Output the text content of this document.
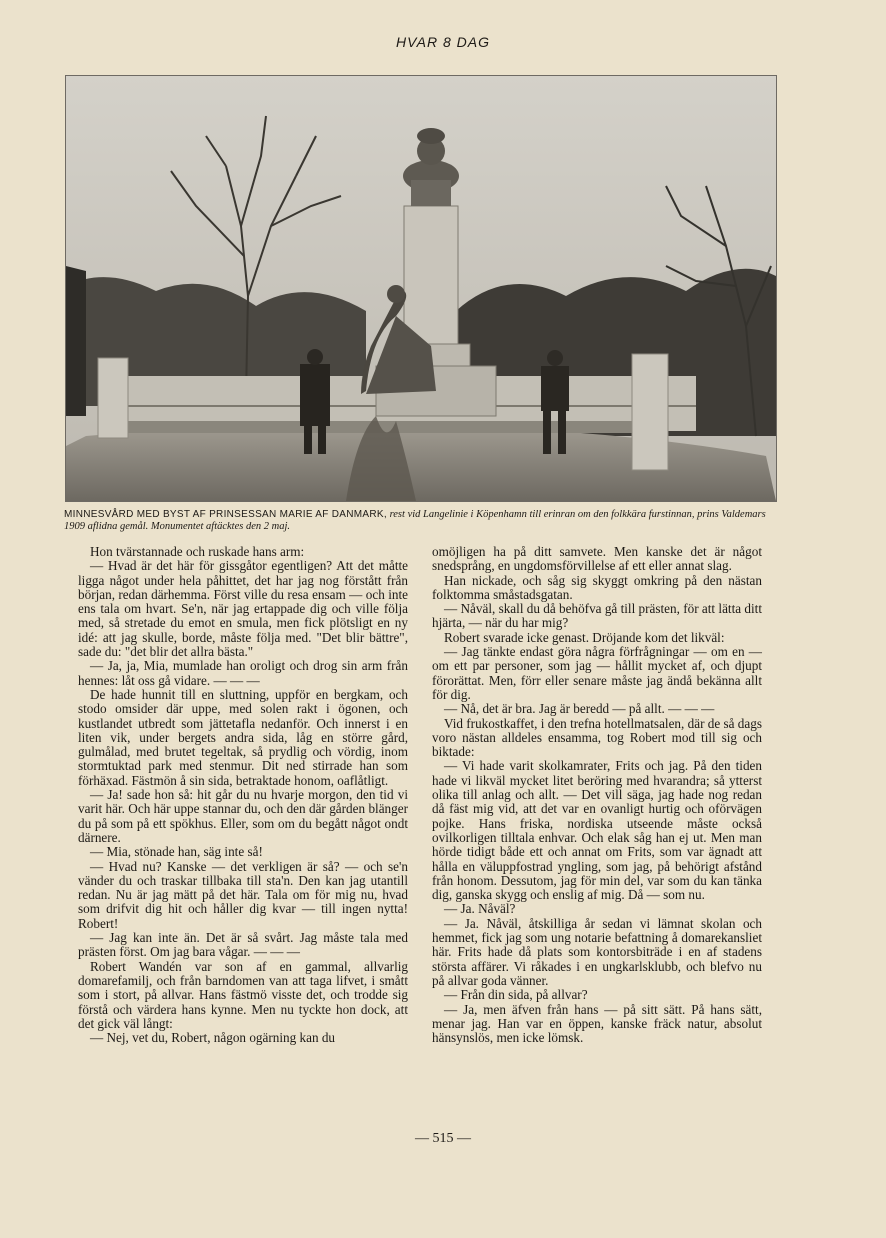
HVAR 8 DAG
MINNESVÅRD MED BYST AF PRINSESSAN MARIE AF DANMARK, rest vid Langelinie i Köpenhamn till erinran om den folkkära furstinnan, prins Valdemars 1909 aflidna gemål. Monumentet aftäcktes den 2 maj.

Hon tvärstannade och ruskade hans arm:

— Hvad är det här för gissgåtor egentligen? Att det måtte ligga något under hela påhittet, det har jag nog förstått från början, redan därhemma. Först ville du resa ensam — och inte ens tala om hvart. Se'n, när jag ertappade dig och ville följa med, så stretade du emot en smula, men fick plötsligt en ny idé: att jag skulle, borde, måste följa med. "Det blir bättre", sade du: "det blir det allra bästa."

— Ja, ja, Mia, mumlade han oroligt och drog sin arm från hennes: låt oss gå vidare. — — —

De hade hunnit till en sluttning, uppför en bergkam, och stodo omsider där uppe, med solen rakt i ögonen, och kustlandet utbredt som jättetafla nedanför. Och innerst i en liten vik, under bergets andra sida, låg en större gård, gulmålad, med brutet tegeltak, så prydlig och vördig, inom stormtuktad park med stenmur. Dit ned stirrade han som förhäxad. Fästmön å sin sida, betraktade honom, oaflåtligt.

— Ja! sade hon så: hit går du nu hvarje morgon, den tid vi varit här. Och här uppe stannar du, och den där gården blänger du på som på ett spökhus. Eller, som om du begått något ondt därnere.

— Mia, stönade han, säg inte så!

— Hvad nu? Kanske — det verkligen är så? — och se'n vänder du och traskar tillbaka till sta'n. Den kan jag utantill redan. Nu är jag mätt på det här. Tala om för mig nu, hvad som drifvit dig hit och håller dig kvar — till ingen nytta! Robert!

— Jag kan inte än. Det är så svårt. Jag måste tala med prästen först. Om jag bara vågar. — — —

Robert Wandén var son af en gammal, allvarlig domarefamilj, och från barndomen van att taga lifvet, i smått som i stort, på allvar. Hans fästmö visste det, och trodde sig förstå och värdera hans kynne. Men nu tyckte hon dock, att det gick väl långt:

— Nej, vet du, Robert, någon ogärning kan du

omöjligen ha på ditt samvete. Men kanske det är något snedsprång, en ungdomsförvillelse af ett eller annat slag.

Han nickade, och såg sig skyggt omkring på den nästan folktomma småstadsgatan.

— Nåväl, skall du då behöfva gå till prästen, för att lätta ditt hjärta, — när du har mig?

Robert svarade icke genast. Dröjande kom det likväl:

— Jag tänkte endast göra några förfrågningar — om en — om ett par personer, som jag — hållit mycket af, och djupt förorättat. Men, förr eller senare måste jag ändå bekänna allt för dig.

— Nå, det är bra. Jag är beredd — på allt. — — —

Vid frukostkaffet, i den trefna hotellmatsalen, där de så dags voro nästan alldeles ensamma, tog Robert mod till sig och biktade:

— Vi hade varit skolkamrater, Frits och jag. På den tiden hade vi likväl mycket litet beröring med hvarandra; så ytterst olika till anlag och allt. — Det vill säga, jag hade nog redan då fäst mig vid, att det var en ovanligt hurtig och oförvägen pojke. Hans friska, nordiska utseende måste också ovilkorligen tilltala enhvar. Och elak såg han ej ut. Men man hörde tidigt både ett och annat om Frits, som var ägnadt att hålla en väluppfostrad yngling, som jag, på behörigt afstånd från honom. Dessutom, jag för min del, var som du kan tänka dig, ganska skygg och enslig af mig. Då — som nu.

— Ja. Nåväl?

— Ja. Nåväl, åtskilliga år sedan vi lämnat skolan och hemmet, fick jag som ung notarie befattning å domarekansliet här. Frits hade då plats som kontorsbiträde i en af stadens största affärer. Vi råkades i en ungkarlsklubb, och blefvo nu på allvar goda vänner.

— Från din sida, på allvar?

— Ja, men äfven från hans — på sitt sätt. På hans sätt, menar jag. Han var en öppen, kanske fräck natur, absolut hänsynslös, men icke lömsk.

— 515 —
